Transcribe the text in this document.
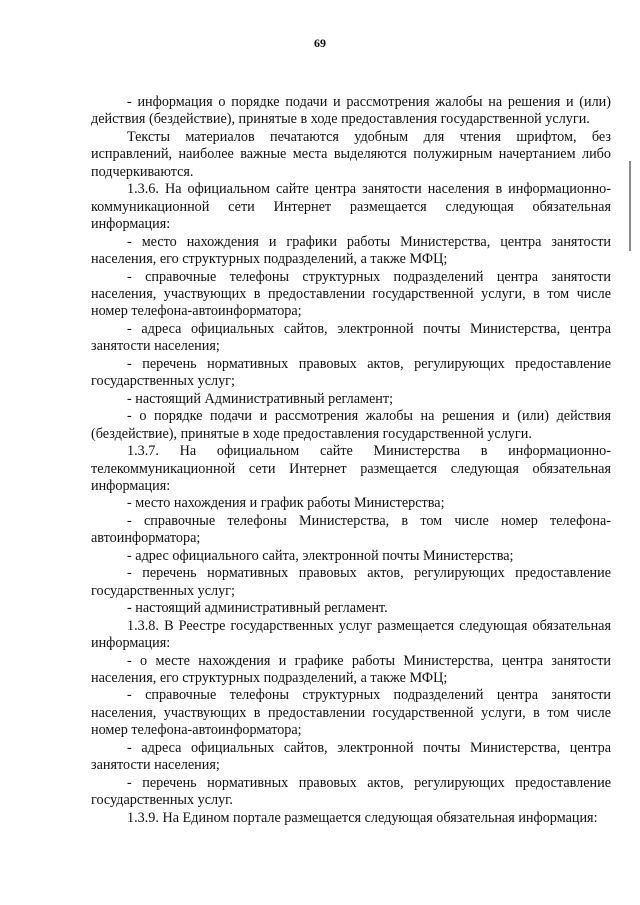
69

- информация о порядке подачи и рассмотрения жалобы на решения и (или) действия (бездействие), принятые в ходе предоставления государственной услуги.

Тексты материалов печатаются удобным для чтения шрифтом, без исправлений, наиболее важные места выделяются полужирным начертанием либо подчеркиваются.

1.3.6. На официальном сайте центра занятости населения в информационно-коммуникационной сети Интернет размещается следующая обязательная информация:

- место нахождения и графики работы Министерства, центра занятости населения, его структурных подразделений, а также МФЦ;

- справочные телефоны структурных подразделений центра занятости населения, участвующих в предоставлении государственной услуги, в том числе номер телефона-автоинформатора;

- адреса официальных сайтов, электронной почты Министерства, центра занятости населения;

- перечень нормативных правовых актов, регулирующих предоставление государственных услуг;

- настоящий Административный регламент;

- о порядке подачи и рассмотрения жалобы на решения и (или) действия (бездействие), принятые в ходе предоставления государственной услуги.

1.3.7. На официальном сайте Министерства в информационно-телекоммуникационной сети Интернет размещается следующая обязательная информация:

- место нахождения и график работы Министерства;

- справочные телефоны Министерства, в том числе номер телефона-автоинформатора;

- адрес официального сайта, электронной почты Министерства;

- перечень нормативных правовых актов, регулирующих предоставление государственных услуг;

- настоящий административный регламент.

1.3.8. В Реестре государственных услуг размещается следующая обязательная информация:

- о месте нахождения и графике работы Министерства, центра занятости населения, его структурных подразделений, а также МФЦ;

- справочные телефоны структурных подразделений центра занятости населения, участвующих в предоставлении государственной услуги, в том числе номер телефона-автоинформатора;

- адреса официальных сайтов, электронной почты Министерства, центра занятости населения;

- перечень нормативных правовых актов, регулирующих предоставление государственных услуг.

1.3.9. На Едином портале размещается следующая обязательная информация:
